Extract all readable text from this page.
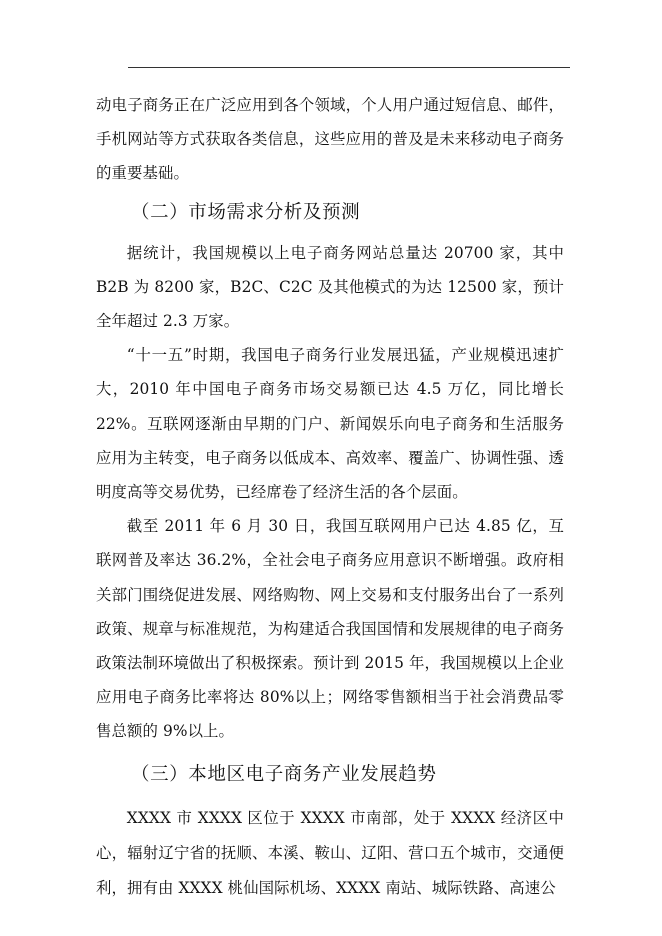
动电子商务正在广泛应用到各个领域，个人用户通过短信息、邮件，手机网站等方式获取各类信息，这些应用的普及是未来移动电子商务的重要基础。

（二）市场需求分析及预测

据统计，我国规模以上电子商务网站总量达 20700 家，其中 B2B 为 8200 家，B2C、C2C 及其他模式的为达 12500 家，预计全年超过 2.3 万家。

“十一五”时期，我国电子商务行业发展迅猛，产业规模迅速扩大，2010 年中国电子商务市场交易额已达 4.5 万亿，同比增长 22%。互联网逐渐由早期的门户、新闻娱乐向电子商务和生活服务应用为主转变，电子商务以低成本、高效率、覆盖广、协调性强、透明度高等交易优势，已经席卷了经济生活的各个层面。

截至 2011 年 6 月 30 日，我国互联网用户已达 4.85 亿，互联网普及率达 36.2%，全社会电子商务应用意识不断增强。政府相关部门围绕促进发展、网络购物、网上交易和支付服务出台了一系列政策、规章与标准规范，为构建适合我国国情和发展规律的电子商务政策法制环境做出了积极探索。预计到 2015 年，我国规模以上企业应用电子商务比率将达 80%以上；网络零售额相当于社会消费品零售总额的 9%以上。

（三）本地区电子商务产业发展趋势

XXXX 市 XXXX 区位于 XXXX 市南部，处于 XXXX 经济区中心，辐射辽宁省的抚顺、本溪、鞍山、辽阳、营口五个城市，交通便利，拥有由 XXXX 桃仙国际机场、XXXX 南站、城际铁路、高速公
